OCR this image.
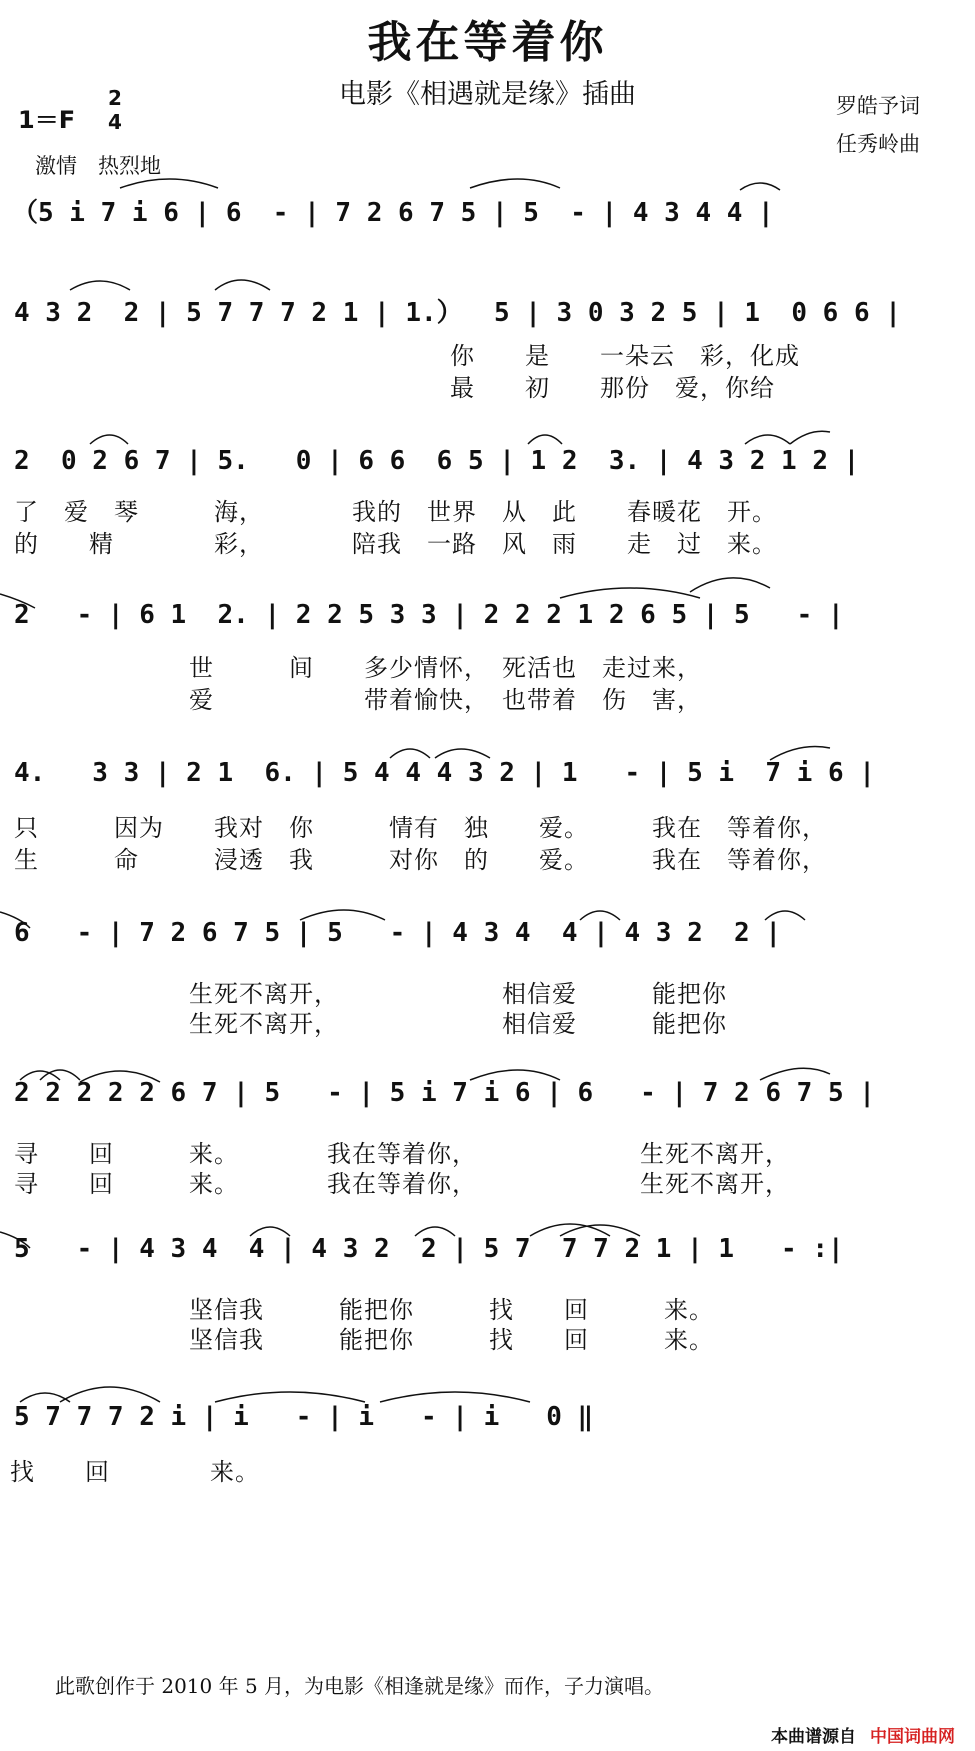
我在等着你
电影《相遇就是缘》插曲	罗皓予词
任秀岭曲
1＝F
2
4
激情　热烈地
（5 i 7 i 6 | 6  - | 7 2 6 7 5 | 5  - | 4 3 4 4 |
4 3 2  2 | 5 7 7 7 2 1 | 1.）  5 | 3 0 3 2 5 | 1  0 6 6 |
你　　是　　一朵云　彩，化成
最　　初　　那份　爱，你给
2  0 2 6 7 | 5.   0 | 6 6  6 5 | 1 2  3. | 4 3 2 1 2 |
了　爱　琴　　　海，　　　　我的　世界　从　此　　春暖花　开。
的　　精　　　　彩，　　　　陪我　一路　风　雨　　走　过　来。
2   - | 6 1  2. | 2 2 5 3 3 | 2 2 2 1 2 6 5 | 5   - |
　　　　　　　世　　　间　　多少情怀，　死活也　走过来，
　　　　　　　爱　　　　　　带着愉快，　也带着　伤　害，
4.   3 3 | 2 1  6. | 5 4 4 4 3 2 | 1   - | 5 i  7 i 6 |
只　　　因为　　我对　你　　　情有　独　　爱。　　　我在　等着你，
生　　　命　　　浸透　我　　　对你　的　　爱。　　　我在　等着你，
6   - | 7 2 6 7 5 | 5   - | 4 3 4  4 | 4 3 2  2 |
　　　　　　　生死不离开，　　　　　　　相信爱　　　能把你
　　　　　　　生死不离开，　　　　　　　相信爱　　　能把你
2 2 2 2 2 6 7 | 5   - | 5 i 7 i 6 | 6   - | 7 2 6 7 5 |
寻　　回　　　来。　　　　我在等着你，　　　　　　　生死不离开，
寻　　回　　　来。　　　　我在等着你，　　　　　　　生死不离开，
5   - | 4 3 4  4 | 4 3 2  2 | 5 7  7 7 2 1 | 1   - :|
　　　　　　　坚信我　　　能把你　　　找　　回　　　来。
　　　　　　　坚信我　　　能把你　　　找　　回　　　来。
5 7 7 7 2 i | i   - | i   - | i   0 ‖
找　　回　　　　来。
此歌创作于 2010 年 5 月，为电影《相逢就是缘》而作，子力演唱。
本曲谱源自 中国词曲网
